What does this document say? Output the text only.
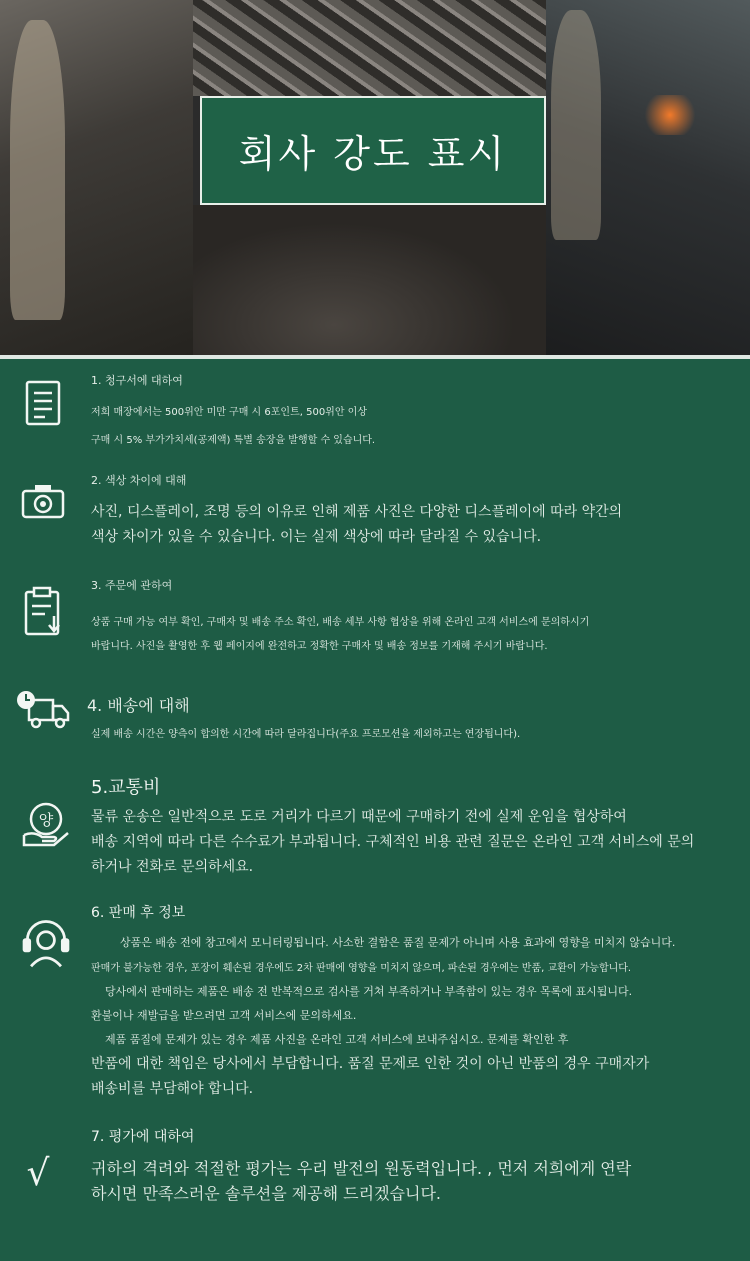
회사 강도 표시
1. 청구서에 대하여
저희 매장에서는 500위안 미만 구매 시 6포인트, 500위안 이상
구매 시 5% 부가가치세(공제액) 특별 송장을 발행할 수 있습니다.
2. 색상 차이에 대해
사진, 디스플레이, 조명 등의 이유로 인해 제품 사진은 다양한 디스플레이에 따라 약간의
색상 차이가 있을 수 있습니다. 이는 실제 색상에 따라 달라질 수 있습니다.
3. 주문에 관하여
상품 구매 가능 여부 확인, 구매자 및 배송 주소 확인, 배송 세부 사항 협상을 위해 온라인 고객 서비스에 문의하시기
바랍니다. 사진을 촬영한 후 웹 페이지에 완전하고 정확한 구매자 및 배송 정보를 기재해 주시기 바랍니다.
4. 배송에 대해
실제 배송 시간은 양측이 합의한 시간에 따라 달라집니다(주요 프로모션을 제외하고는 연장됩니다).
양
5.교통비
물류 운송은 일반적으로 도로 거리가 다르기 때문에 구매하기 전에 실제 운임을 협상하여
배송 지역에 따라 다른 수수료가 부과됩니다. 구체적인 비용 관련 질문은 온라인 고객 서비스에 문의
하거나 전화로 문의하세요.
6. 판매 후 정보
상품은 배송 전에 창고에서 모니터링됩니다. 사소한 결함은 품질 문제가 아니며 사용 효과에 영향을 미치지 않습니다.
판매가 불가능한 경우, 포장이 훼손된 경우에도 2차 판매에 영향을 미치지 않으며, 파손된 경우에는 반품, 교환이 가능합니다.
당사에서 판매하는 제품은 배송 전 반복적으로 검사를 거쳐 부족하거나 부족함이 있는 경우 목록에 표시됩니다.
환불이나 재발급을 받으려면 고객 서비스에 문의하세요.
제품 품질에 문제가 있는 경우 제품 사진을 온라인 고객 서비스에 보내주십시오. 문제를 확인한 후
반품에 대한 책임은 당사에서 부담합니다. 품질 문제로 인한 것이 아닌 반품의 경우 구매자가
배송비를 부담해야 합니다.
√
7. 평가에 대하여
귀하의 격려와 적절한 평가는 우리 발전의 원동력입니다. , 먼저 저희에게 연락
하시면 만족스러운 솔루션을 제공해 드리겠습니다.
